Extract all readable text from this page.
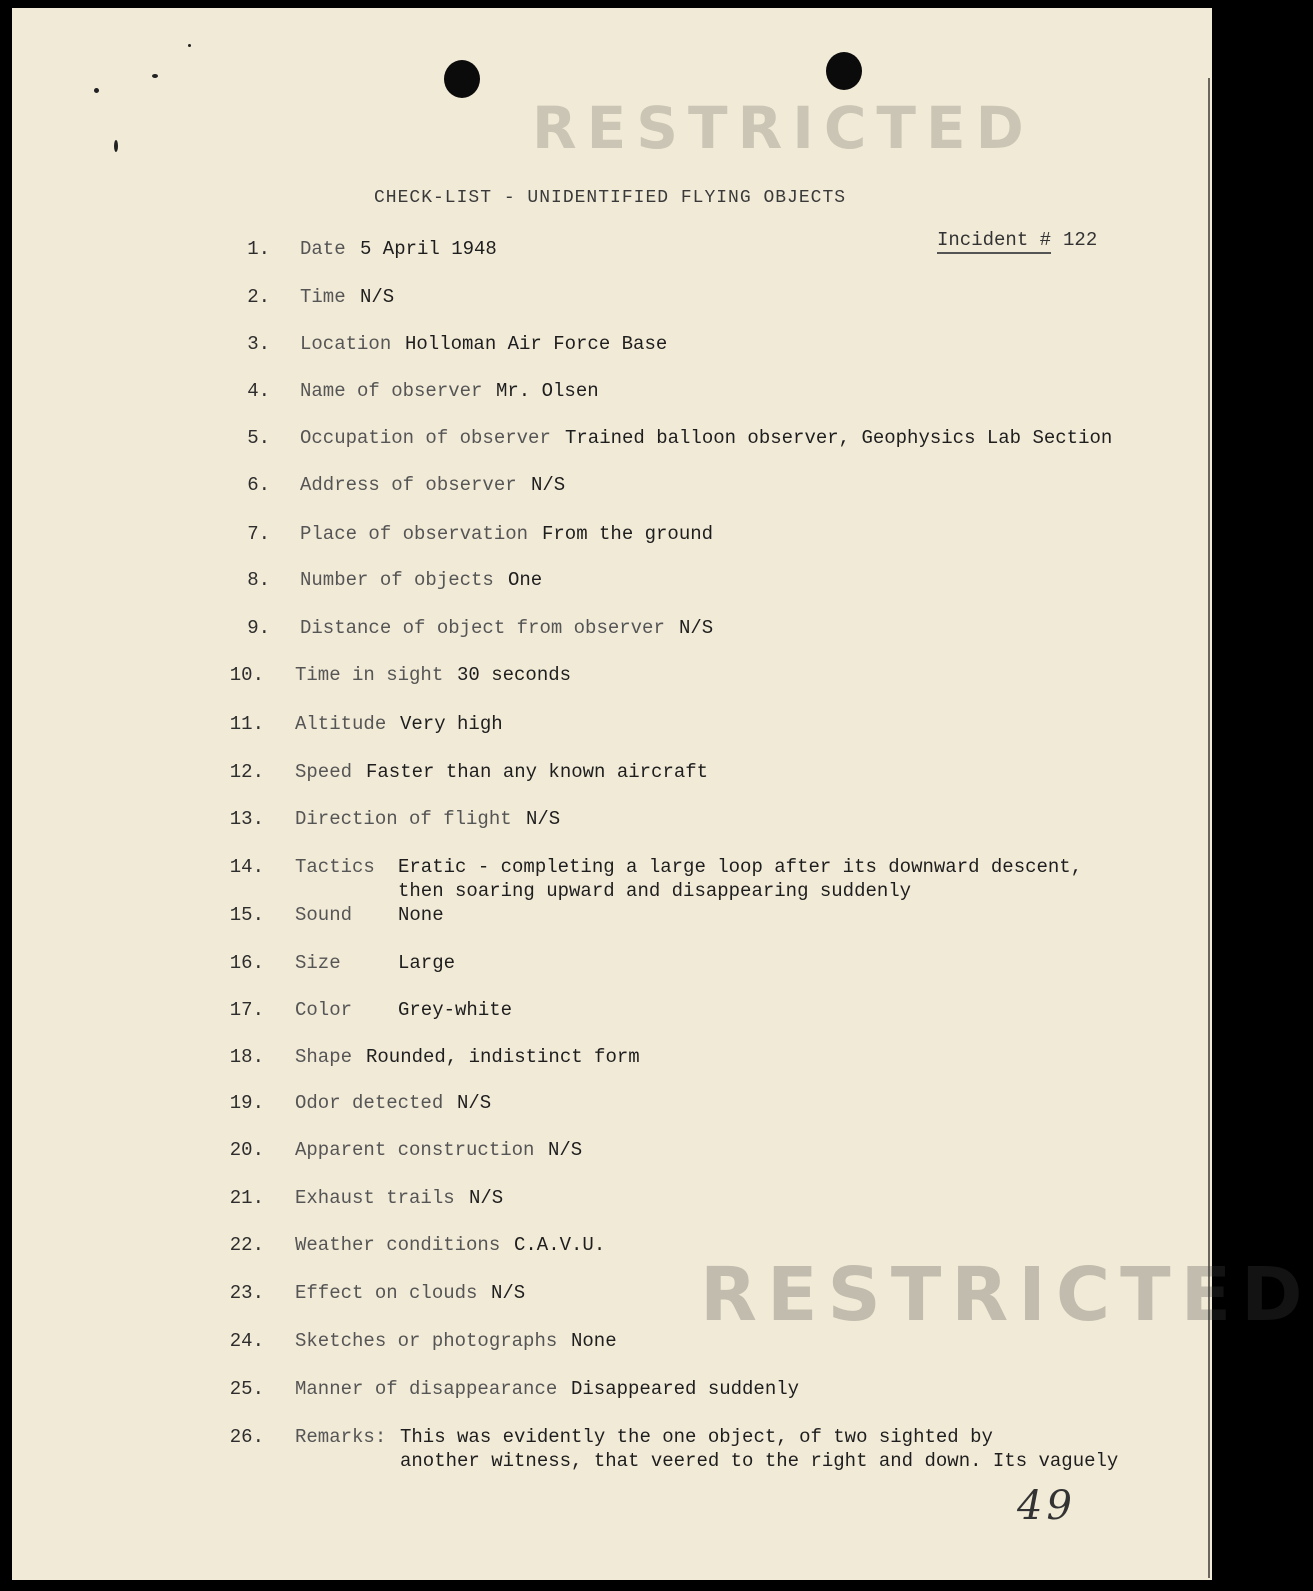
RESTRICTED
CHECK-LIST - UNIDENTIFIED FLYING OBJECTS
Incident # 122
1. Date 5 April 1948
2. Time N/S
3. Location Holloman Air Force Base
4. Name of observer Mr. Olsen
5. Occupation of observer Trained balloon observer, Geophysics Lab Section
6. Address of observer N/S
7. Place of observation From the ground
8. Number of objects One
9. Distance of object from observer N/S
10. Time in sight 30 seconds
11. Altitude Very high
12. Speed Faster than any known aircraft
13. Direction of flight N/S
14. Tactics Eratic - completing a large loop after its downward descent,
then soaring upward and disappearing suddenly
15. Sound None
16. Size	Large
17. Color Grey-white
18. Shape Rounded, indistinct form
19. Odor detected N/S
20. Apparent construction N/S
21. Exhaust trails N/S
22. Weather conditions C.A.V.U.
23. Effect on clouds N/S
24. Sketches or photographs None
25. Manner of disappearance Disappeared suddenly
26. Remarks: This was evidently the one object, of two sighted by
another witness, that veered to the right and down. Its vaguely
RESTRICTED
49
